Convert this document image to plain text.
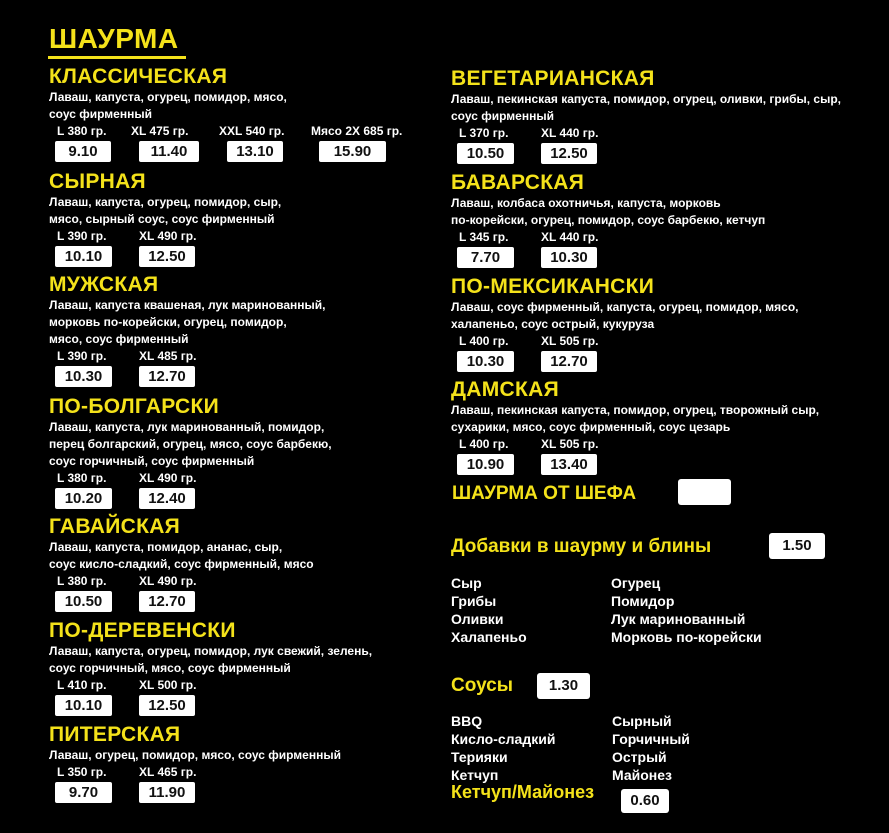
ШАУРМА
КЛАССИЧЕСКАЯ
Лаваш, капуста, огурец, помидор, мясо,
соус фирменный
L 380 гр.
9.10
XL 475 гр.
11.40
XXL 540 гр.
13.10
Мясо 2X 685 гр.
15.90
СЫРНАЯ
Лаваш, капуста, огурец, помидор, сыр,
мясо, сырный соус, соус фирменный
L 390 гр.
10.10
XL 490 гр.
12.50
МУЖСКАЯ
Лаваш, капуста квашеная, лук маринованный,
морковь по-корейски, огурец, помидор,
мясо, соус фирменный
L 390 гр.
10.30
XL 485 гр.
12.70
ПО-БОЛГАРСКИ
Лаваш, капуста, лук маринованный, помидор,
перец болгарский, огурец, мясо, соус барбекю,
соус горчичный, соус фирменный
L 380 гр.
10.20
XL 490 гр.
12.40
ГАВАЙСКАЯ
Лаваш, капуста, помидор, ананас, сыр,
соус кисло-сладкий, соус фирменный, мясо
L 380 гр.
10.50
XL 490 гр.
12.70
ПО-ДЕРЕВЕНСКИ
Лаваш, капуста, огурец, помидор, лук свежий, зелень,
соус горчичный, мясо, соус фирменный
L 410 гр.
10.10
XL 500 гр.
12.50
ПИТЕРСКАЯ
Лаваш, огурец, помидор, мясо, соус фирменный
L 350 гр.
9.70
XL 465 гр.
11.90
ВЕГЕТАРИАНСКАЯ
Лаваш, пекинская капуста, помидор, огурец, оливки, грибы, сыр,
соус фирменный
L 370 гр.
10.50
XL 440 гр.
12.50
БАВАРСКАЯ
Лаваш, колбаса охотничья, капуста, морковь
по-корейски, огурец, помидор, соус барбекю, кетчуп
L 345 гр.
7.70
XL 440 гр.
10.30
ПО-МЕКСИКАНСКИ
Лаваш, соус фирменный, капуста, огурец, помидор, мясо,
халапеньо, соус острый, кукуруза
L 400 гр.
10.30
XL 505 гр.
12.70
ДАМСКАЯ
Лаваш, пекинская капуста, помидор, огурец, творожный сыр,
сухарики, мясо, соус фирменный, соус цезарь
L 400 гр.
10.90
XL 505 гр.
13.40
ШАУРМА ОТ ШЕФА
Добавки в шаурму и блины	1.50
Сыр
Грибы
Оливки
Халапеньо
Огурец
Помидор
Лук маринованный
Морковь по-корейски
Соусы	1.30
BBQ
Кисло-сладкий
Терияки
Кетчуп
Сырный
Горчичный
Острый
Майонез
Кетчуп/Майонез	0.60
